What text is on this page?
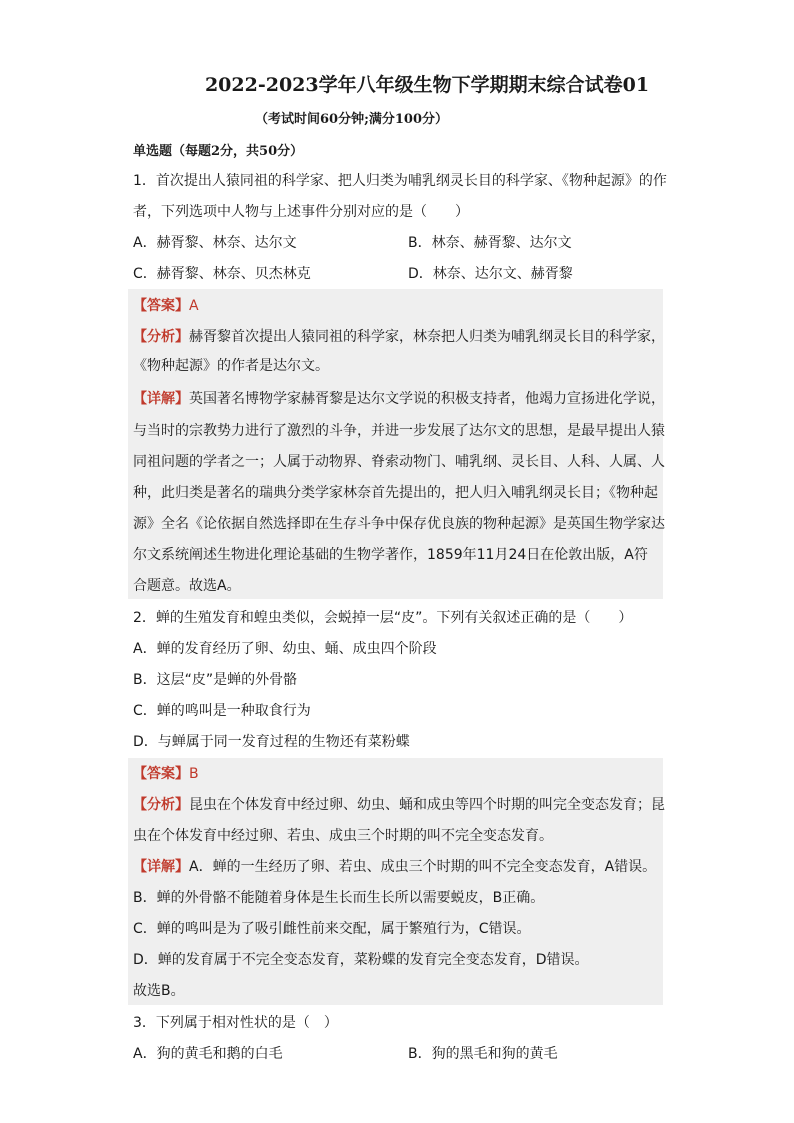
2022-2023学年八年级生物下学期期末综合试卷01
（考试时间60分钟;满分100分）
单选题（每题2分，共50分）
1．首次提出人猿同祖的科学家、把人归类为哺乳纲灵长目的科学家、《物种起源》的作
者，下列选项中人物与上述事件分别对应的是（　　）
A．赫胥黎、林奈、达尔文	B．林奈、赫胥黎、达尔文
C．赫胥黎、林奈、贝杰林克	D．林奈、达尔文、赫胥黎
【答案】A
【分析】赫胥黎首次提出人猿同祖的科学家，林奈把人归类为哺乳纲灵长目的科学家，
《物种起源》的作者是达尔文。
【详解】英国著名博物学家赫胥黎是达尔文学说的积极支持者，他竭力宣扬进化学说，
与当时的宗教势力进行了激烈的斗争，并进一步发展了达尔文的思想，是最早提出人猿
同祖问题的学者之一；人属于动物界、脊索动物门、哺乳纲、灵长目、人科、人属、人
种，此归类是著名的瑞典分类学家林奈首先提出的，把人归入哺乳纲灵长目；《物种起
源》全名《论依据自然选择即在生存斗争中保存优良族的物种起源》是英国生物学家达
尔文系统阐述生物进化理论基础的生物学著作，1859年11月24日在伦敦出版，A符
合题意。故选A。
2．蝉的生殖发育和蝗虫类似，会蜕掉一层“皮”。下列有关叙述正确的是（　　）
A．蝉的发育经历了卵、幼虫、蛹、成虫四个阶段
B．这层“皮”是蝉的外骨骼
C．蝉的鸣叫是一种取食行为
D．与蝉属于同一发育过程的生物还有菜粉蝶
【答案】B
【分析】昆虫在个体发育中经过卵、幼虫、蛹和成虫等四个时期的叫完全变态发育；昆
虫在个体发育中经过卵、若虫、成虫三个时期的叫不完全变态发育。
【详解】A．蝉的一生经历了卵、若虫、成虫三个时期的叫不完全变态发育，A错误。
B．蝉的外骨骼不能随着身体是生长而生长所以需要蜕皮，B正确。
C．蝉的鸣叫是为了吸引雌性前来交配，属于繁殖行为，C错误。
D．蝉的发育属于不完全变态发育，菜粉蝶的发育完全变态发育，D错误。
故选B。
3．下列属于相对性状的是（　）
A．狗的黄毛和鹅的白毛	B．狗的黑毛和狗的黄毛
